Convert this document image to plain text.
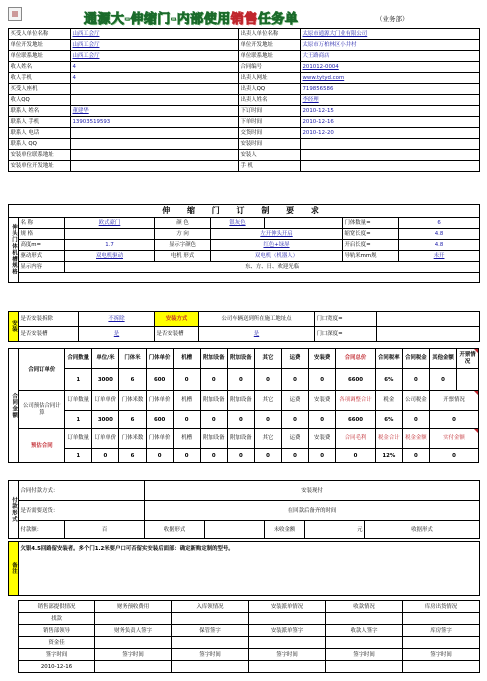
通源大-伸缩门-内部使用销售任务单	（业务部）
买受人单位名称	山西工会厅	出卖人单位名称	太原市通源大门业有限公司
单位开发地址	山西工会厅	单位开发地址	太原市万柏林区小井村
单位联系地址	山西工会厅	单位联系地址	大王路商店
收人姓名	4	合同编号	201012-0004
收人手机	4	出卖人网址	www.tytyd.com
买受人座机		出卖人QQ	719856586
收人QQ		出卖人姓名	李经理
联系人 姓名	董建华	下订时间	2010-12-15
联系人 手机	13903519593	下单时间	2010-12-16
联系人 电话		交货时间	2010-12-20
联系人 QQ		安装时间	
安装单位联系地址		安装人	
安装单位开发地址		手 机	
伸 缩 门 订 制 要 求							
伸头门体机槽规格	名 称	欧式豪门	颜 色	银灰色		门体数量=	6
	规 格		方 向	左开伸头开启		缩宽长度=	4.8
	高度m=	1.7	显示字颜色	红色+绿屏		开启长度=	4.8
	驱动形式	双电机驱动	电机 形式	双电机（机器人）		导轨米mm规	未开
	显示内容	东、方、日、欢迎光临					

安装	是否安装拆除	不拆除	安装方式	公司车辆送到所在施工地址点	门口宽度=	
	是否安装槽	是	是否安装槽	是	门口深度=	
合同金额	合同订单价	合同数量	单位/米	门体米	门体单价	机槽	附加设备	附加设备	其它	运费	安装费	合同总价	合同税率	合同税金	其他金额	开票情况
		1	3000	6	600	0	0	0	0	0	0	6600	6%	0	0	
	公司预估合同计算	订单数量	订单单价	门体米数	门体单价	机槽	附加设备	附加设备	其它	运费	安装费	各项调整合计	税金	公司税金	开票情况	
		1	3000	6	600	0	0	0	0	0	0	6600	6%	0	0	
	预估合同	订单数量	订单单价	门体米数	门体单价	机槽	附加设备	附加设备	其它	运费	安装费	合同毛利	税金合计	税金金额	实付金额	
		1	0	6	0	0	0	0	0	0	0	0	12%	0	0	
付款形式	合同付款方式：		安装现付				
	是否需要送货：		在回款后备齐的时间				
	付款额：	百	收据形式		未收金额	元	收据形式
备注	欠银4.5回路留安装者。多个门1.2米要户口可否留实安装后面部：确定新购定制的型号。
销售部提供情况	财务预收费用	入库领情况	安装派单情况	收款情况	库房出货情况
找款					
销售部领导	财务负责人签字	保管签字	安装派单签字	收款人签字	库房签字
资金佳					
签字时间	签字时间	签字时间	签字时间	签字时间	签字时间
2010-12-16					
